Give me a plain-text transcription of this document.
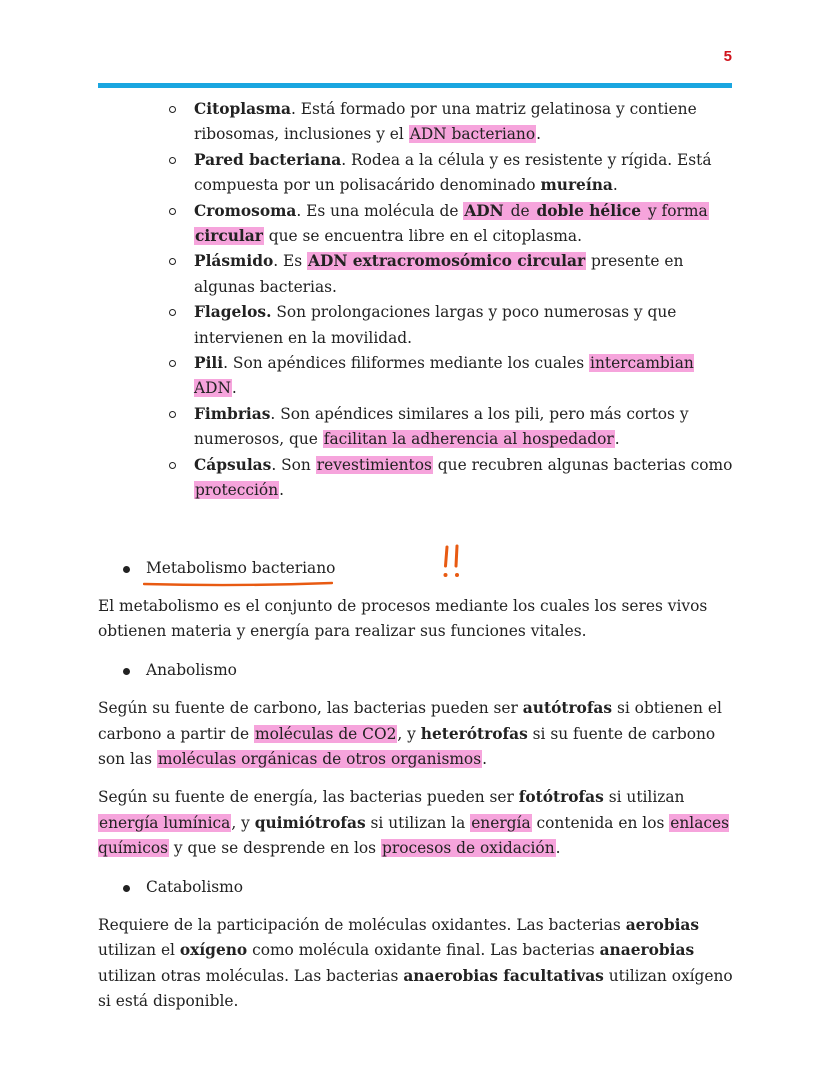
5
Citoplasma. Está formado por una matriz gelatinosa y contiene ribosomas, inclusiones y el ADN bacteriano.
Pared bacteriana. Rodea a la célula y es resistente y rígida. Está compuesta por un polisacárido denominado mureína.
Cromosoma. Es una molécula de ADN de doble hélice y forma circular que se encuentra libre en el citoplasma.
Plásmido. Es ADN extracromosómico circular presente en algunas bacterias.
Flagelos. Son prolongaciones largas y poco numerosas y que intervienen en la movilidad.
Pili. Son apéndices filiformes mediante los cuales intercambian ADN.
Fimbrias. Son apéndices similares a los pili, pero más cortos y numerosos, que facilitan la adherencia al hospedador.
Cápsulas. Son revestimientos que recubren algunas bacterias como protección.
Metabolismo bacteriano

El metabolismo es el conjunto de procesos mediante los cuales los seres vivos obtienen materia y energía para realizar sus funciones vitales.

Anabolismo

Según su fuente de carbono, las bacterias pueden ser autótrofas si obtienen el carbono a partir de moléculas de CO2, y heterótrofas si su fuente de carbono son las moléculas orgánicas de otros organismos.

Según su fuente de energía, las bacterias pueden ser fotótrofas si utilizan energía lumínica, y quimiótrofas si utilizan la energía contenida en los enlaces químicos y que se desprende en los procesos de oxidación.

Catabolismo

Requiere de la participación de moléculas oxidantes. Las bacterias aerobias utilizan el oxígeno como molécula oxidante final. Las bacterias anaerobias utilizan otras moléculas. Las bacterias anaerobias facultativas utilizan oxígeno si está disponible.
